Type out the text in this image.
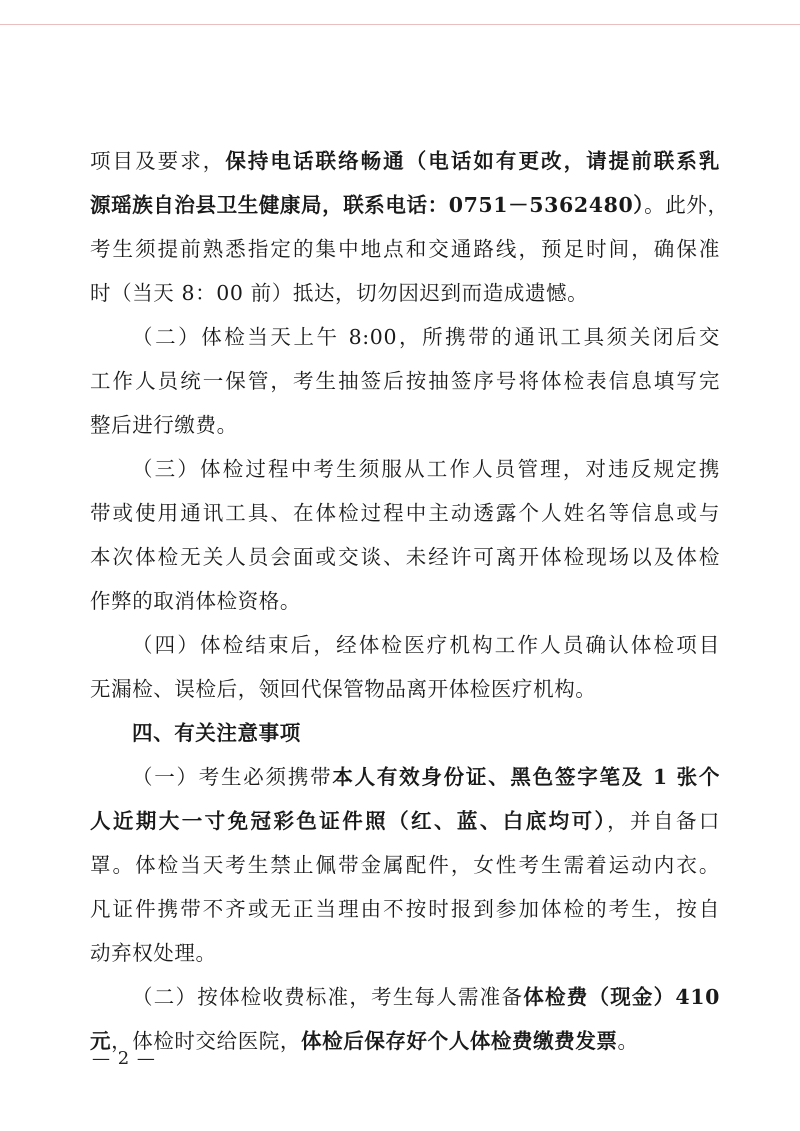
项目及要求，保持电话联络畅通（电话如有更改，请提前联系乳
源瑶族自治县卫生健康局，联系电话：0751－5362480）。此外，
考生须提前熟悉指定的集中地点和交通路线，预足时间，确保准
时（当天 8：00 前）抵达，切勿因迟到而造成遗憾。
（二）体检当天上午 8:00，所携带的通讯工具须关闭后交
工作人员统一保管，考生抽签后按抽签序号将体检表信息填写完
整后进行缴费。
（三）体检过程中考生须服从工作人员管理，对违反规定携
带或使用通讯工具、在体检过程中主动透露个人姓名等信息或与
本次体检无关人员会面或交谈、未经许可离开体检现场以及体检
作弊的取消体检资格。
（四）体检结束后，经体检医疗机构工作人员确认体检项目
无漏检、误检后，领回代保管物品离开体检医疗机构。
四、有关注意事项
（一）考生必须携带本人有效身份证、黑色签字笔及 1 张个
人近期大一寸免冠彩色证件照（红、蓝、白底均可），并自备口
罩。体检当天考生禁止佩带金属配件，女性考生需着运动内衣。
凡证件携带不齐或无正当理由不按时报到参加体检的考生，按自
动弃权处理。
（二）按体检收费标准，考生每人需准备体检费（现金）410
元，体检时交给医院，体检后保存好个人体检费缴费发票。
— 2 —
